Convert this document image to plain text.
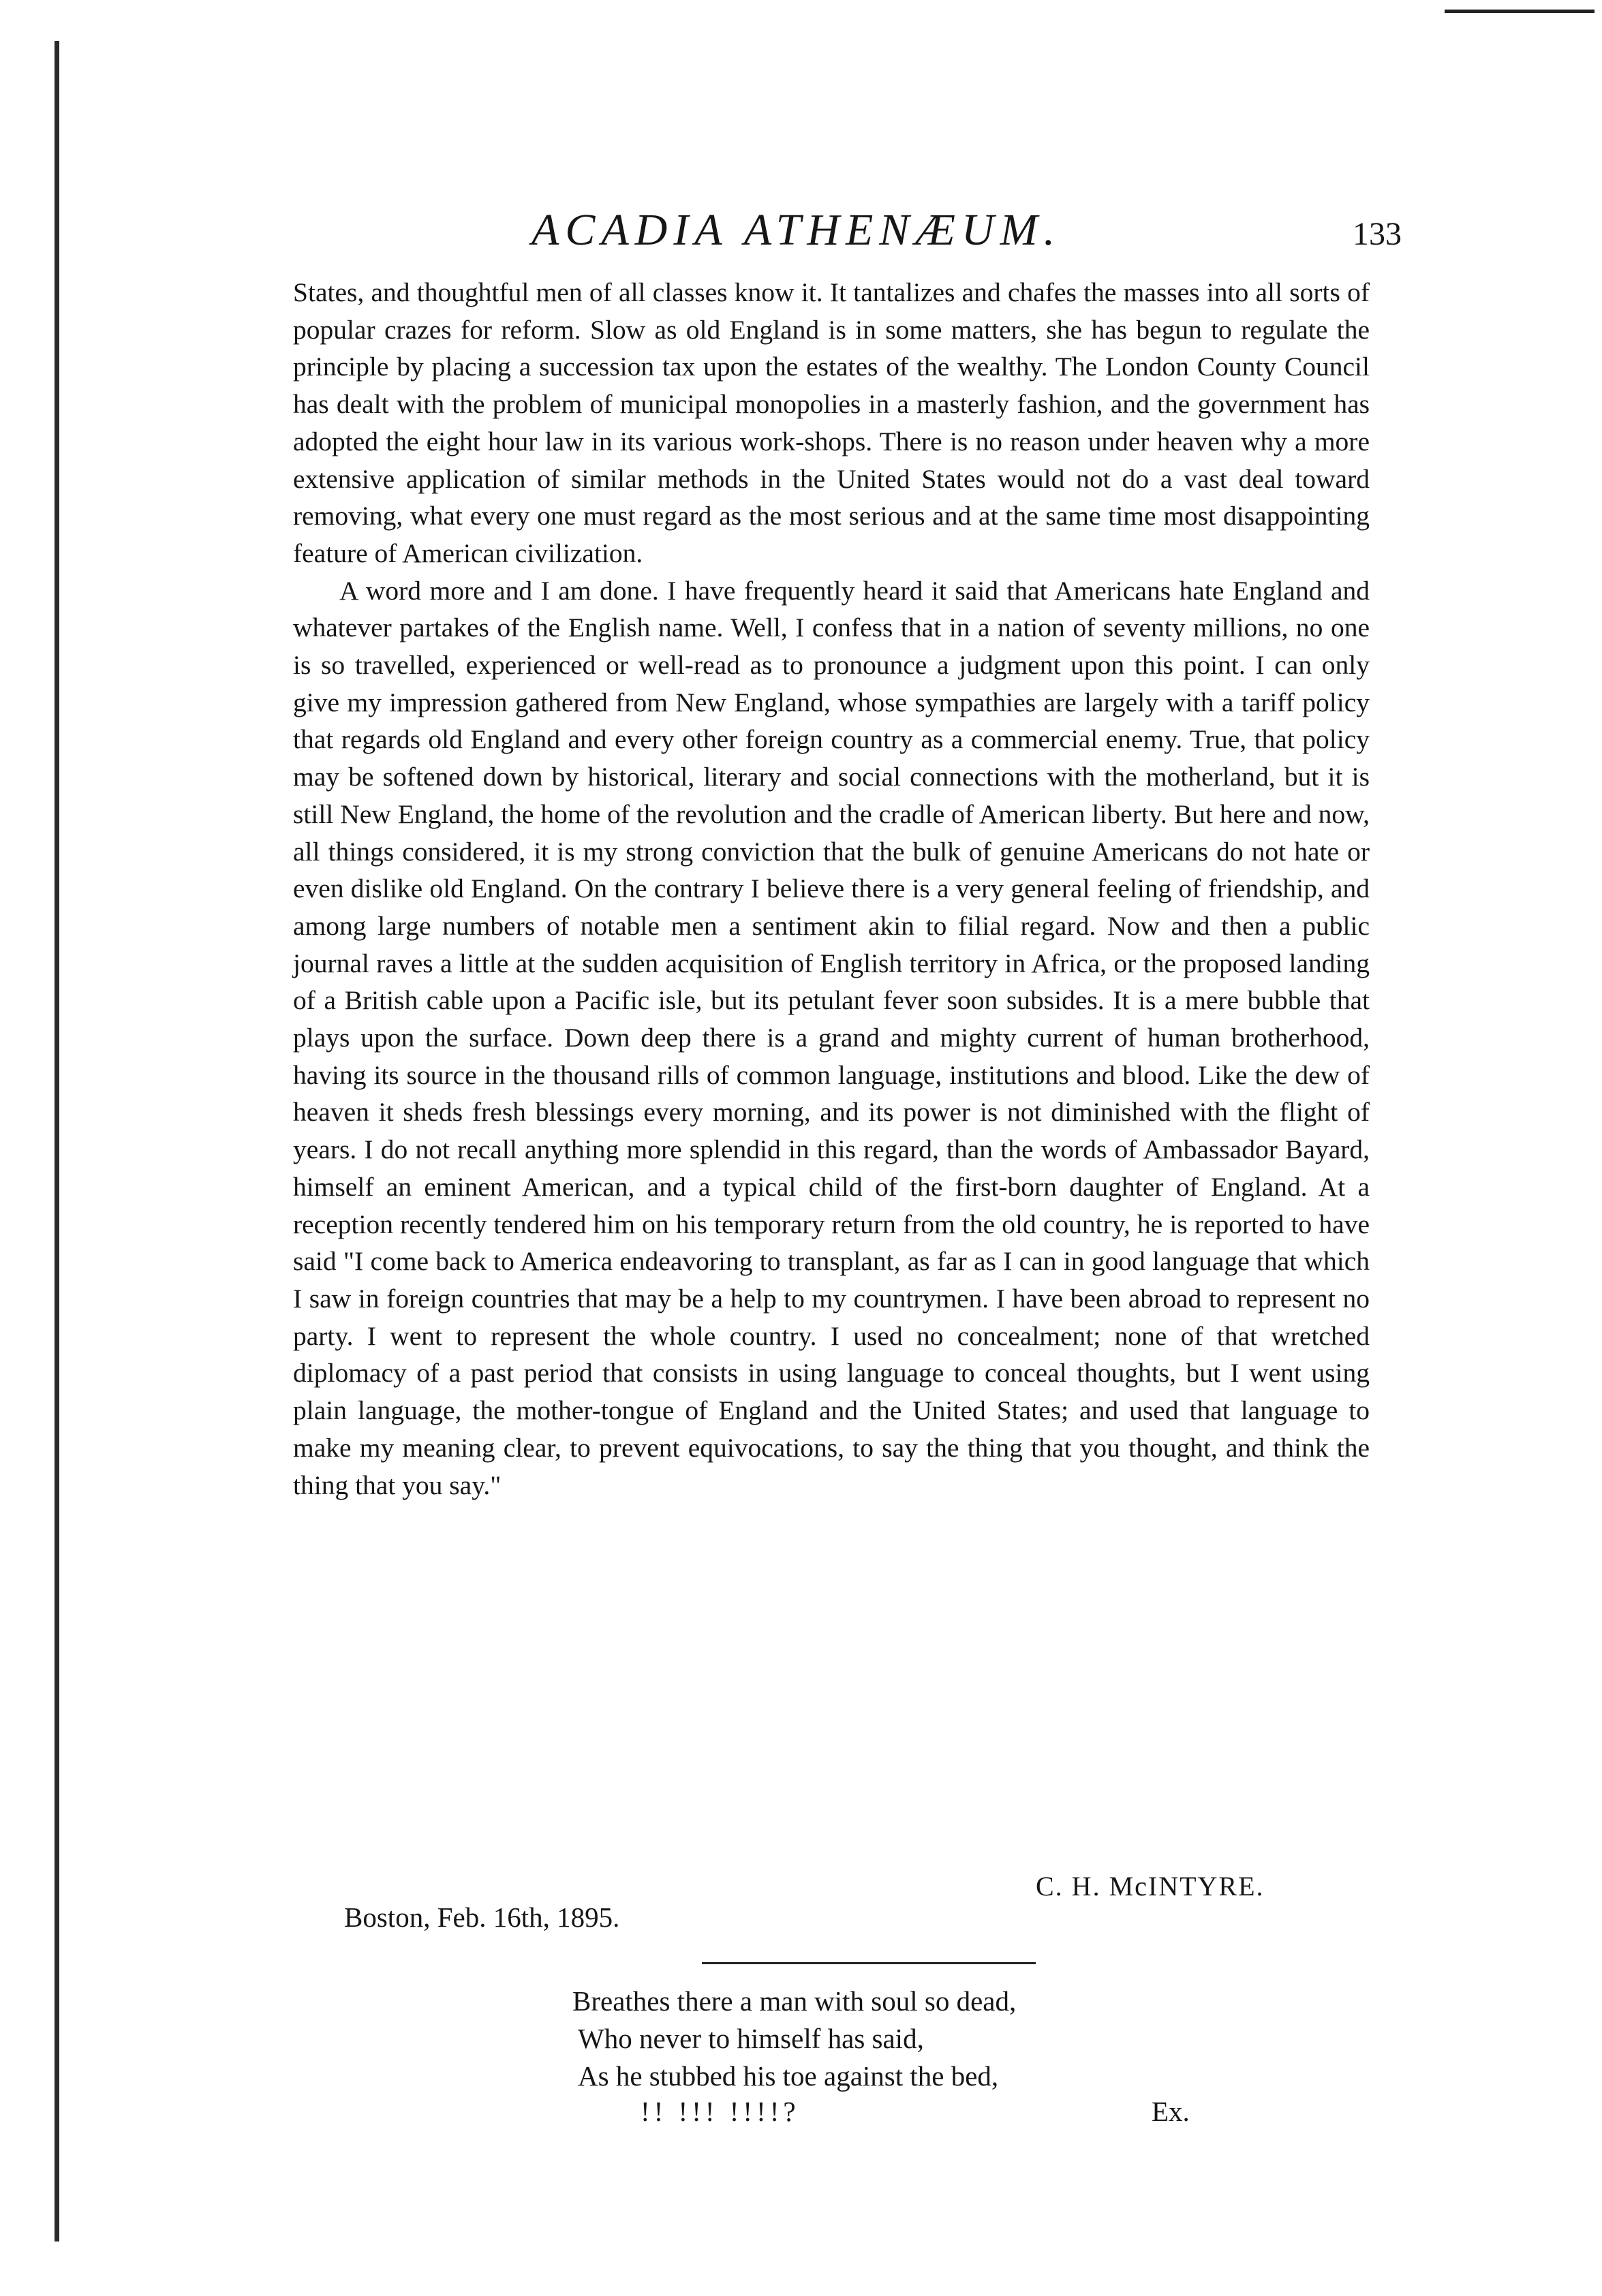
ACADIA ATHENÆUM.	133

States, and thoughtful men of all classes know it. It tantalizes and chafes the masses into all sorts of popular crazes for reform. Slow as old England is in some matters, she has begun to regulate the principle by placing a succession tax upon the estates of the wealthy. The London County Council has dealt with the problem of municipal monopolies in a masterly fashion, and the government has adopted the eight hour law in its various work-shops. There is no reason under heaven why a more extensive application of similar methods in the United States would not do a vast deal toward removing, what every one must regard as the most serious and at the same time most disappointing feature of American civilization.

A word more and I am done. I have frequently heard it said that Americans hate England and whatever partakes of the English name. Well, I confess that in a nation of seventy millions, no one is so travelled, experienced or well-read as to pronounce a judgment upon this point. I can only give my impression gathered from New England, whose sympathies are largely with a tariff policy that regards old England and every other foreign country as a commercial enemy. True, that policy may be softened down by historical, literary and social connections with the motherland, but it is still New England, the home of the revolution and the cradle of American liberty. But here and now, all things considered, it is my strong conviction that the bulk of genuine Americans do not hate or even dislike old England. On the contrary I believe there is a very general feeling of friendship, and among large numbers of notable men a sentiment akin to filial regard. Now and then a public journal raves a little at the sudden acquisition of English territory in Africa, or the proposed landing of a British cable upon a Pacific isle, but its petulant fever soon subsides. It is a mere bubble that plays upon the surface. Down deep there is a grand and mighty current of human brotherhood, having its source in the thousand rills of common language, institutions and blood. Like the dew of heaven it sheds fresh blessings every morning, and its power is not diminished with the flight of years. I do not recall anything more splendid in this regard, than the words of Ambassador Bayard, himself an eminent American, and a typical child of the first-born daughter of England. At a reception recently tendered him on his temporary return from the old country, he is reported to have said "I come back to America endeavoring to transplant, as far as I can in good language that which I saw in foreign countries that may be a help to my countrymen. I have been abroad to represent no party. I went to represent the whole country. I used no concealment; none of that wretched diplomacy of a past period that consists in using language to conceal thoughts, but I went using plain language, the mother-tongue of England and the United States; and used that language to make my meaning clear, to prevent equivocations, to say the thing that you thought, and think the thing that you say."

C. H. McINTYRE.
Boston, Feb. 16th, 1895.
Breathes there a man with soul so dead,
Who never to himself has said,
As he stubbed his toe against the bed,
!! !!! !!!!?	Ex.
